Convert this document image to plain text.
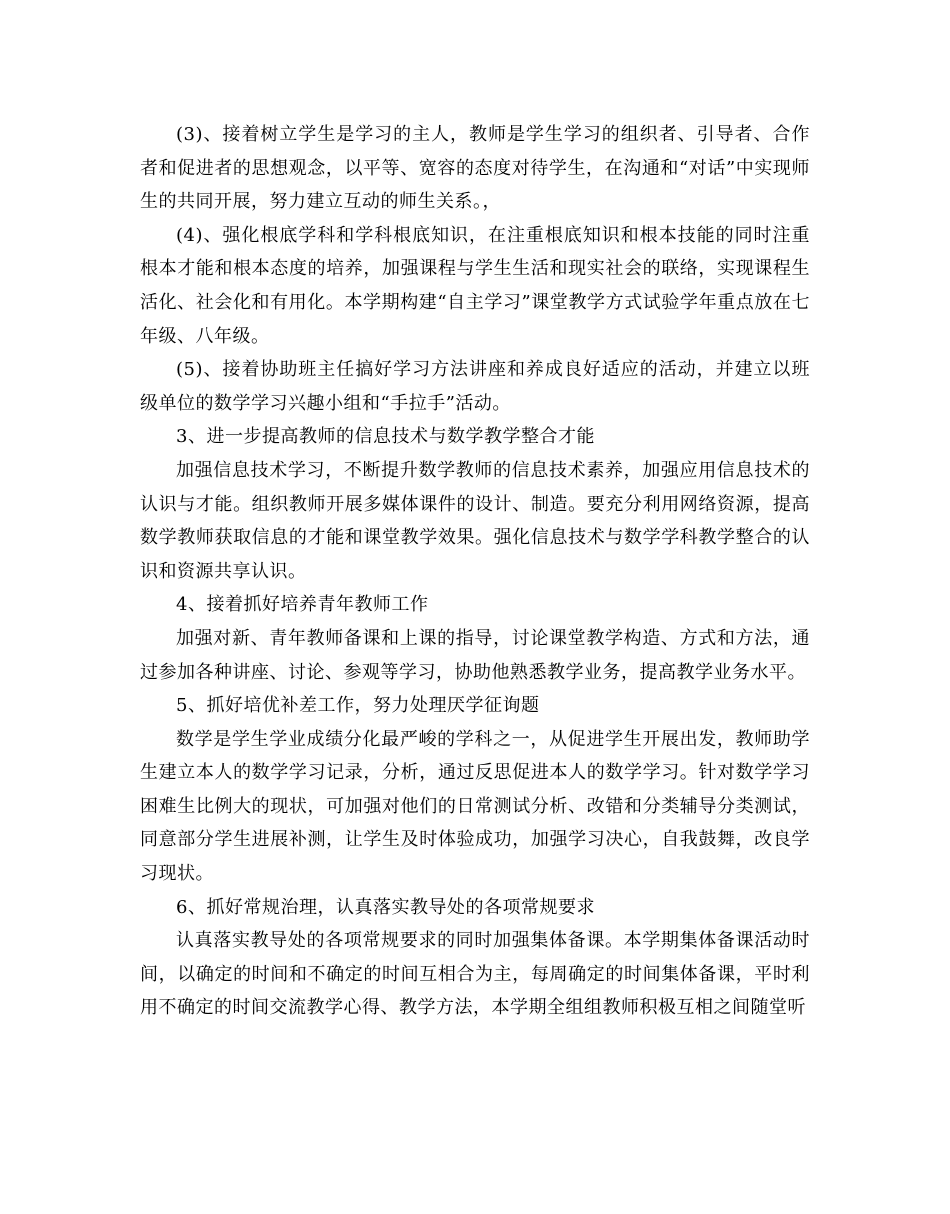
(3)、接着树立学生是学习的主人，教师是学生学习的组织者、引导者、合作者和促进者的思想观念，以平等、宽容的态度对待学生，在沟通和“对话”中实现师生的共同开展，努力建立互动的师生关系。，

(4)、强化根底学科和学科根底知识，在注重根底知识和根本技能的同时注重根本才能和根本态度的培养，加强课程与学生生活和现实社会的联络，实现课程生活化、社会化和有用化。本学期构建“自主学习”课堂教学方式试验学年重点放在七年级、八年级。

(5)、接着协助班主任搞好学习方法讲座和养成良好适应的活动，并建立以班级单位的数学学习兴趣小组和“手拉手”活动。

3、进一步提高教师的信息技术与数学教学整合才能

加强信息技术学习，不断提升数学教师的信息技术素养，加强应用信息技术的认识与才能。组织教师开展多媒体课件的设计、制造。要充分利用网络资源，提高数学教师获取信息的才能和课堂教学效果。强化信息技术与数学学科教学整合的认识和资源共享认识。

4、接着抓好培养青年教师工作

加强对新、青年教师备课和上课的指导，讨论课堂教学构造、方式和方法，通过参加各种讲座、讨论、参观等学习，协助他熟悉教学业务，提高教学业务水平。

5、抓好培优补差工作，努力处理厌学征询题

数学是学生学业成绩分化最严峻的学科之一，从促进学生开展出发，教师助学生建立本人的数学学习记录，分析，通过反思促进本人的数学学习。针对数学学习困难生比例大的现状，可加强对他们的日常测试分析、改错和分类辅导分类测试，同意部分学生进展补测，让学生及时体验成功，加强学习决心，自我鼓舞，改良学习现状。

6、抓好常规治理，认真落实教导处的各项常规要求

认真落实教导处的各项常规要求的同时加强集体备课。本学期集体备课活动时间，以确定的时间和不确定的时间互相合为主，每周确定的时间集体备课，平时利用不确定的时间交流教学心得、教学方法，本学期全组组教师积极互相之间随堂听
